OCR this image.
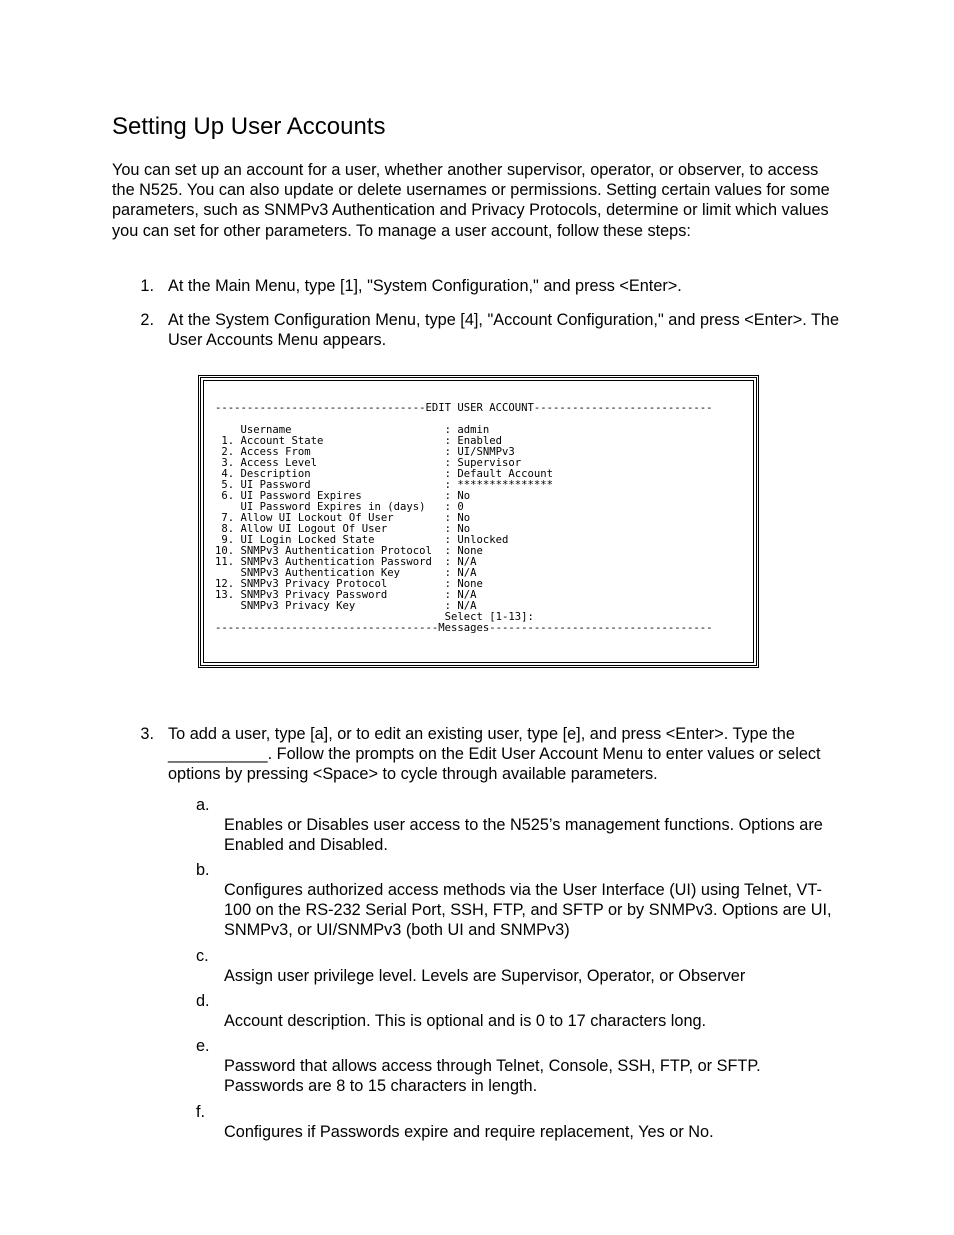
Setting Up User Accounts
You can set up an account for a user, whether another supervisor, operator, or observer, to access the N525. You can also update or delete usernames or permissions. Setting certain values for some parameters, such as SNMPv3 Authentication and Privacy Protocols, determine or limit which values you can set for other parameters. To manage a user account, follow these steps:
1. At the Main Menu, type [1], "System Configuration," and press <Enter>.
2. At the System Configuration Menu, type [4], "Account Configuration," and press <Enter>. The User Accounts Menu appears.
---------------------------------EDIT USER ACCOUNT----------------------------
Username                        : admin
1. Account State                   : Enabled
2. Access From                     : UI/SNMPv3
3. Access Level                    : Supervisor
4. Description                     : Default Account
5. UI Password                     : ***************
6. UI Password Expires             : No
UI Password Expires in (days)   : 0
7. Allow UI Lockout Of User        : No
8. Allow UI Logout Of User         : No
9. UI Login Locked State           : Unlocked
10. SNMPv3 Authentication Protocol  : None
11. SNMPv3 Authentication Password  : N/A
SNMPv3 Authentication Key       : N/A
12. SNMPv3 Privacy Protocol         : None
13. SNMPv3 Privacy Password         : N/A
SNMPv3 Privacy Key              : N/A
Select [1-13]:
-----------------------------------Messages-----------------------------------
3. To add a user, type [a], or to edit an existing user, type [e], and press <Enter>. Type the ___________. Follow the prompts on the Edit User Account Menu to enter values or select options by pressing <Space> to cycle through available parameters.
a.
Enables or Disables user access to the N525’s management functions. Options are Enabled and Disabled.
b.
Configures authorized access methods via the User Interface (UI) using Telnet, VT-100 on the RS-232 Serial Port, SSH, FTP, and SFTP or by SNMPv3. Options are UI, SNMPv3, or UI/SNMPv3 (both UI and SNMPv3)
c.
Assign user privilege level. Levels are Supervisor, Operator, or Observer
d.
Account description. This is optional and is 0 to 17 characters long.
e.
Password that allows access through Telnet, Console, SSH, FTP, or SFTP. Passwords are 8 to 15 characters in length.
f.
Configures if Passwords expire and require replacement, Yes or No.
